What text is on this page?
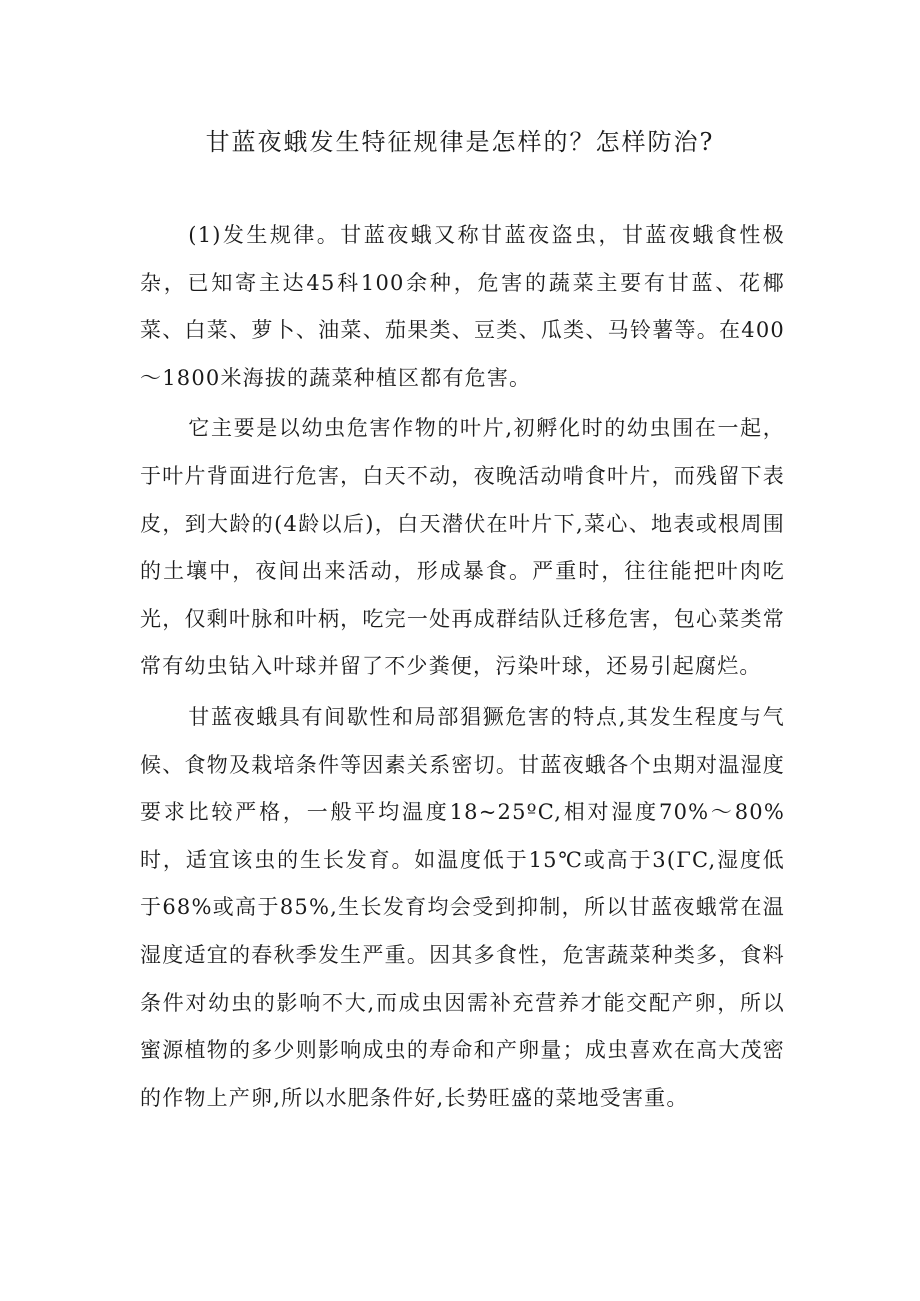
甘蓝夜蛾发生特征规律是怎样的？怎样防治?

(1)发生规律。甘蓝夜蛾又称甘蓝夜盗虫，甘蓝夜蛾食性极杂，已知寄主达45科100余种，危害的蔬菜主要有甘蓝、花椰菜、白菜、萝卜、油菜、茄果类、豆类、瓜类、马铃薯等。在400～1800米海拔的蔬菜种植区都有危害。

它主要是以幼虫危害作物的叶片,初孵化时的幼虫围在一起，于叶片背面进行危害，白天不动，夜晚活动啃食叶片，而残留下表皮，到大龄的(4龄以后)，白天潜伏在叶片下,菜心、地表或根周围的土壤中，夜间出来活动，形成暴食。严重时，往往能把叶肉吃光，仅剩叶脉和叶柄，吃完一处再成群结队迁移危害，包心菜类常常有幼虫钻入叶球并留了不少粪便，污染叶球，还易引起腐烂。

甘蓝夜蛾具有间歇性和局部猖獗危害的特点,其发生程度与气候、食物及栽培条件等因素关系密切。甘蓝夜蛾各个虫期对温湿度要求比较严格，一般平均温度18~25ºC,相对湿度70%～80%时，适宜该虫的生长发育。如温度低于15℃或高于3(ΓC,湿度低于68%或高于85%,生长发育均会受到抑制，所以甘蓝夜蛾常在温湿度适宜的春秋季发生严重。因其多食性，危害蔬菜种类多，食料条件对幼虫的影响不大,而成虫因需补充营养才能交配产卵，所以蜜源植物的多少则影响成虫的寿命和产卵量；成虫喜欢在高大茂密的作物上产卵,所以水肥条件好,长势旺盛的菜地受害重。
